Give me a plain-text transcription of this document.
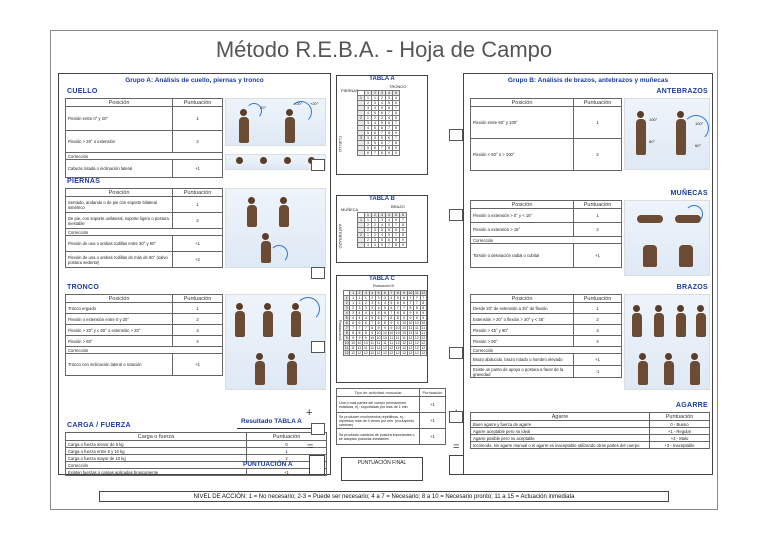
Método R.E.B.A. - Hoja de Campo
Grupo A: Análisis de cuello, piernas y tronco
CUELLO
Posición	Puntuación
Flexión entre 0° y 20°	1
Flexión > 20° o extensión	2
Corrección	
Cabeza rotada o inclinación lateral	+1
20°
>20° +20°
PIERNAS
Posición	Puntuación
Sentado, andando o de pie con soporte bilateral simétrico	1
De pie, con soporte unilateral, soporte ligero o postura inestable	2
Corrección	
Flexión de una o ambas rodillas entre 30° y 60°	+1
Flexión de una o ambas rodillas de más de 60° (salvo postura sedente)	+2
TRONCO
Posición	Puntuación
Tronco erguido	1
Flexión o extensión entre 0 y 20°	2
Flexión > 20° y ≤ 60° o extensión > 20°	3
Flexión > 60°	4
Corrección	
Tronco con inclinación lateral o rotación	+1
Resultado TABLA A
CARGA / FUERZA
Carga o fuerza	Puntuación
Carga o fuerza menor de 5 kg	0
Carga o fuerza entre 5 y 10 kg	1
Carga o fuerza mayor de 10 kg	2
Corrección	
Existen fuerzas o cargas aplicadas bruscamente	+1
TABLA A
PIERNAS
TRONCO
CUELLO
	1	2	3	4	5
1	1	1	2	3	4
	2	3	4	5	6
	3	4	5	6	7
	4	5	6	7	8
2	1	2	3	4	5
	3	4	5	6	7
	4	5	6	7	8
	5	6	7	8	9
3	3	3	5	6	7
	3	5	6	7	8
	5	6	7	8	9
	6	7	8	9	9
TABLA B
MUÑECA
BRAZO
ANTEBRAZO
	1	2	3	4	5	6
1	1	1	3	4	6	7
	2	2	4	5	7	8
	2	3	5	5	8	8
2	1	2	4	5	7	8
	2	3	5	6	8	9
	3	4	5	7	8	9
TABLA C
Puntuación B
Puntuación A
	1	2	3	4	5	6	7	8	9	10	11	12
1	1	1	1	2	3	3	4	5	6	7	7	7
2	1	2	2	3	4	4	5	6	6	7	7	8
3	2	3	3	3	4	5	6	7	7	8	8	8
4	3	4	4	4	5	6	7	8	8	9	9	9
5	4	4	4	5	6	7	8	8	9	9	9	9
6	6	6	6	7	8	8	9	9	10	10	10	10
7	7	7	7	8	9	9	9	10	10	11	11	11
8	8	8	8	9	10	10	10	10	10	11	11	11
9	9	9	9	10	10	10	11	11	11	12	12	12
10	10	10	10	11	11	11	11	12	12	12	12	12
11	11	11	11	11	12	12	12	12	12	12	12	12
12	12	12	12	12	12	12	12	12	12	12	12	12
Tipo de actividad muscular	Puntuación
Una o más partes del cuerpo permanecen estáticas, ej.: soportadas por más de 1 min.	+1
Se producen movimientos repetitivos, ej.: repetidos más de 4 veces por min. (excluyendo caminar)	+1
Se producen cambios de postura importantes o se adoptan posturas inestables	+1
+
=	=
PUNTUACIÓN A	PUNTUACIÓN FINAL
Grupo B: Análisis de brazos, antebrazos y muñecas
ANTEBRAZOS
Posición	Puntuación
Flexión entre 60° y 100°	1
Flexión < 60° o > 100°	2
100°
60°
60°
100°
MUÑECAS
Posición	Puntuación
Flexión o extensión > 0° y < 15°	1
Flexión o extensión > 15°	2
Corrección	
Torsión o desviación radial o cubital	+1
BRAZOS
Posición	Puntuación
Desde 20° de extensión a 20° de flexión	1
Extensión > 20° o flexión > 20° y < 45°	2
Flexión > 45° y 90°	3
Flexión > 90°	4
Corrección	
Brazo abducido, brazo rotado u hombro elevado	+1
Existe un punto de apoyo o postura a favor de la gravedad	-1
AGARRE
Agarre	Puntuación
Buen agarre y fuerza de agarre	0 - Bueno
Agarre aceptable pero no ideal	+1 - Regular
Agarre posible pero no aceptable	+2 - Malo
Incómodo, sin agarre manual o el agarre es inaceptable utilizando otras partes del cuerpo	+3 - Inaceptable
NIVEL DE ACCIÓN: 1 = No necesario; 2-3 = Puede ser necesario; 4 a 7 = Necesario; 8 a 10 = Necesario pronto; 11 a 15 = Actuación inmediata
